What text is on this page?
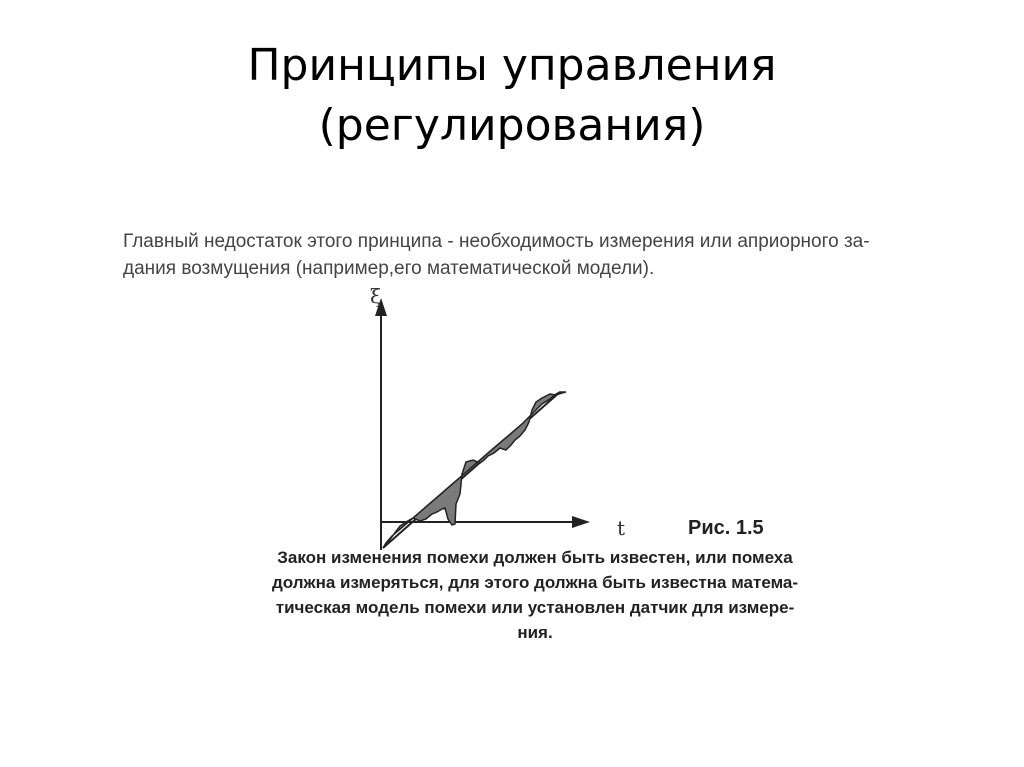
Принципы управления
(регулирования)
Главный недостаток этого принципа - необходимость измерения или априорного за-
дания возмущения (например,его математической модели).
ξ
t	Рис. 1.5
Закон изменения помехи должен быть известен, или помеха
должна измеряться, для этого должна быть известна матема-
тическая модель помехи или установлен датчик для измере-
ния.
